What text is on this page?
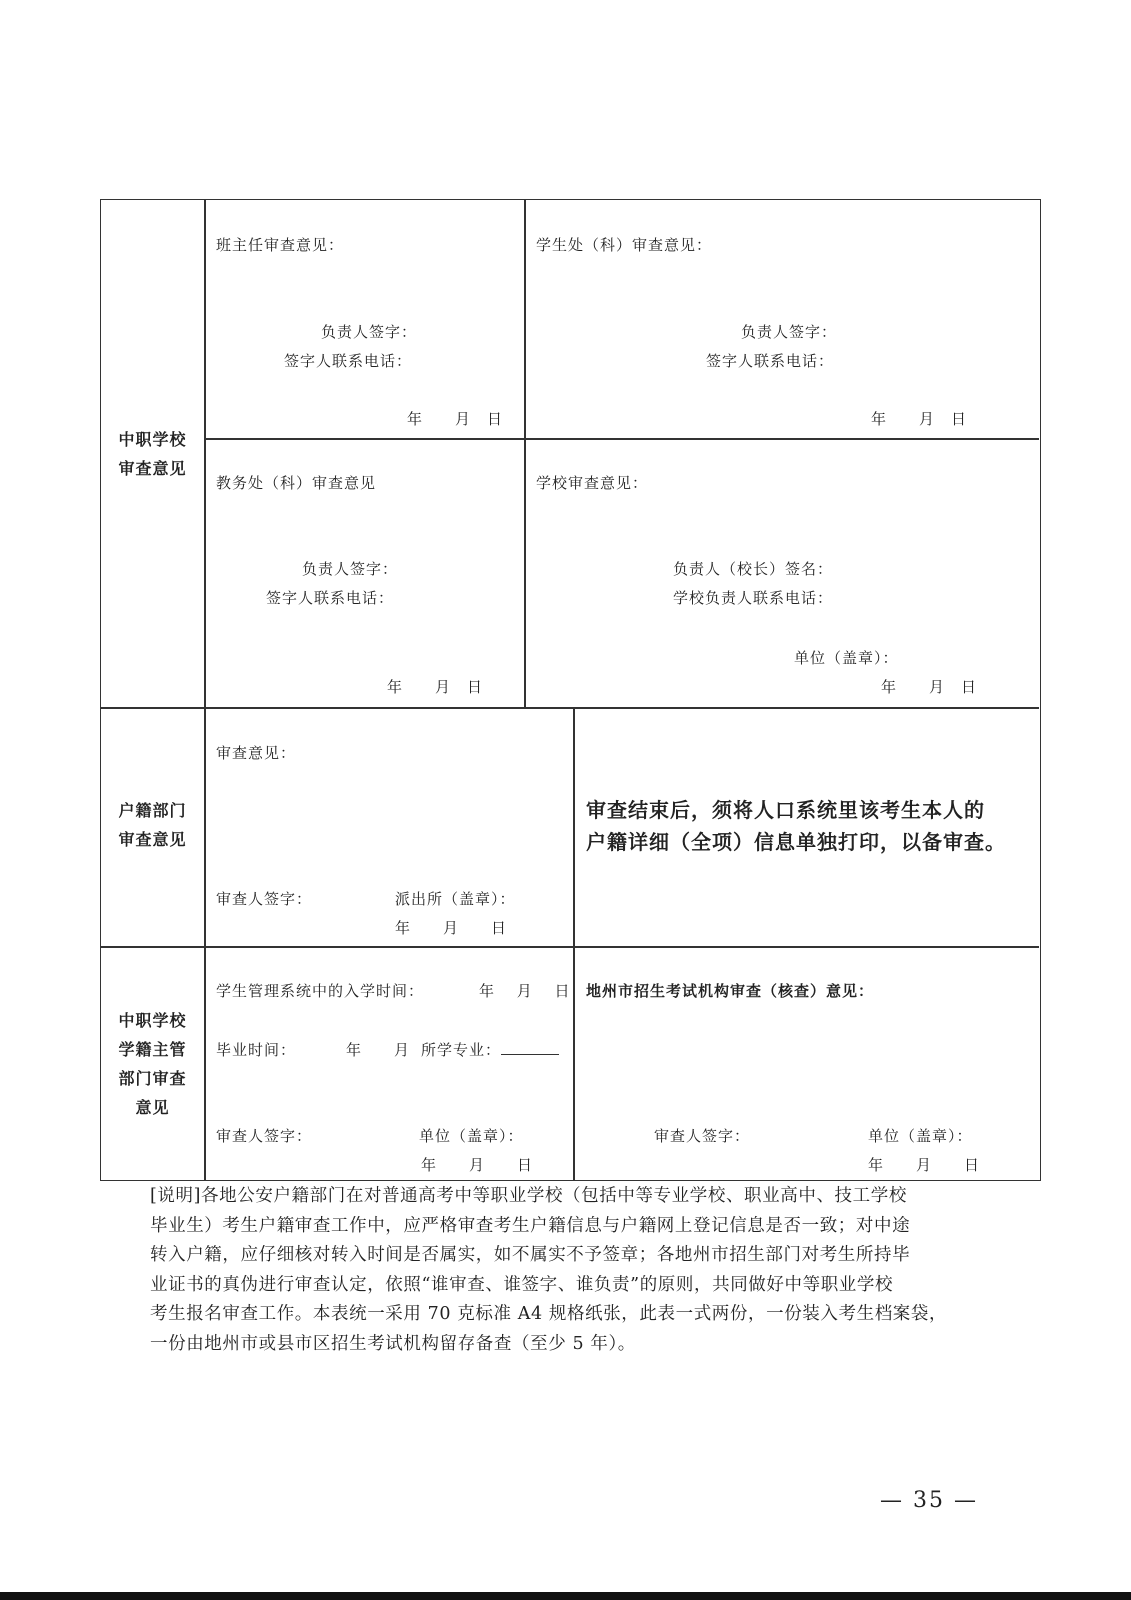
中职学校
审查意见
班主任审查意见：
负责人签字：
签字人联系电话：
年　　月　日
学生处（科）审查意见：
负责人签字：
签字人联系电话：
年　　月　日
教务处（科）审查意见
负责人签字：
签字人联系电话：
年　　月　日
学校审查意见：
负责人（校长）签名：
学校负责人联系电话：
单位（盖章）：
年　　月　日
户籍部门
审查意见
审查意见：
审查人签字：	派出所（盖章）：
年　　月　　日
审查结束后，须将人口系统里该考生本人的
户籍详细（全项）信息单独打印，以备审查。
中职学校
学籍主管
部门审查
意见
学生管理系统中的入学时间：	年　 月　 日
毕业时间：	年　　月 所学专业：
审查人签字：	单位（盖章）：
年　　月　　日
地州市招生考试机构审查（核查）意见：
审查人签字：	单位（盖章）：
年　　月　　日
[说明]各地公安户籍部门在对普通高考中等职业学校（包括中等专业学校、职业高中、技工学校
毕业生）考生户籍审查工作中，应严格审查考生户籍信息与户籍网上登记信息是否一致；对中途
转入户籍，应仔细核对转入时间是否属实，如不属实不予签章；各地州市招生部门对考生所持毕
业证书的真伪进行审查认定，依照“谁审查、谁签字、谁负责”的原则，共同做好中等职业学校
考生报名审查工作。本表统一采用 70 克标准 A4 规格纸张，此表一式两份，一份装入考生档案袋，
一份由地州市或县市区招生考试机构留存备查（至少 5 年）。
— 35 —
